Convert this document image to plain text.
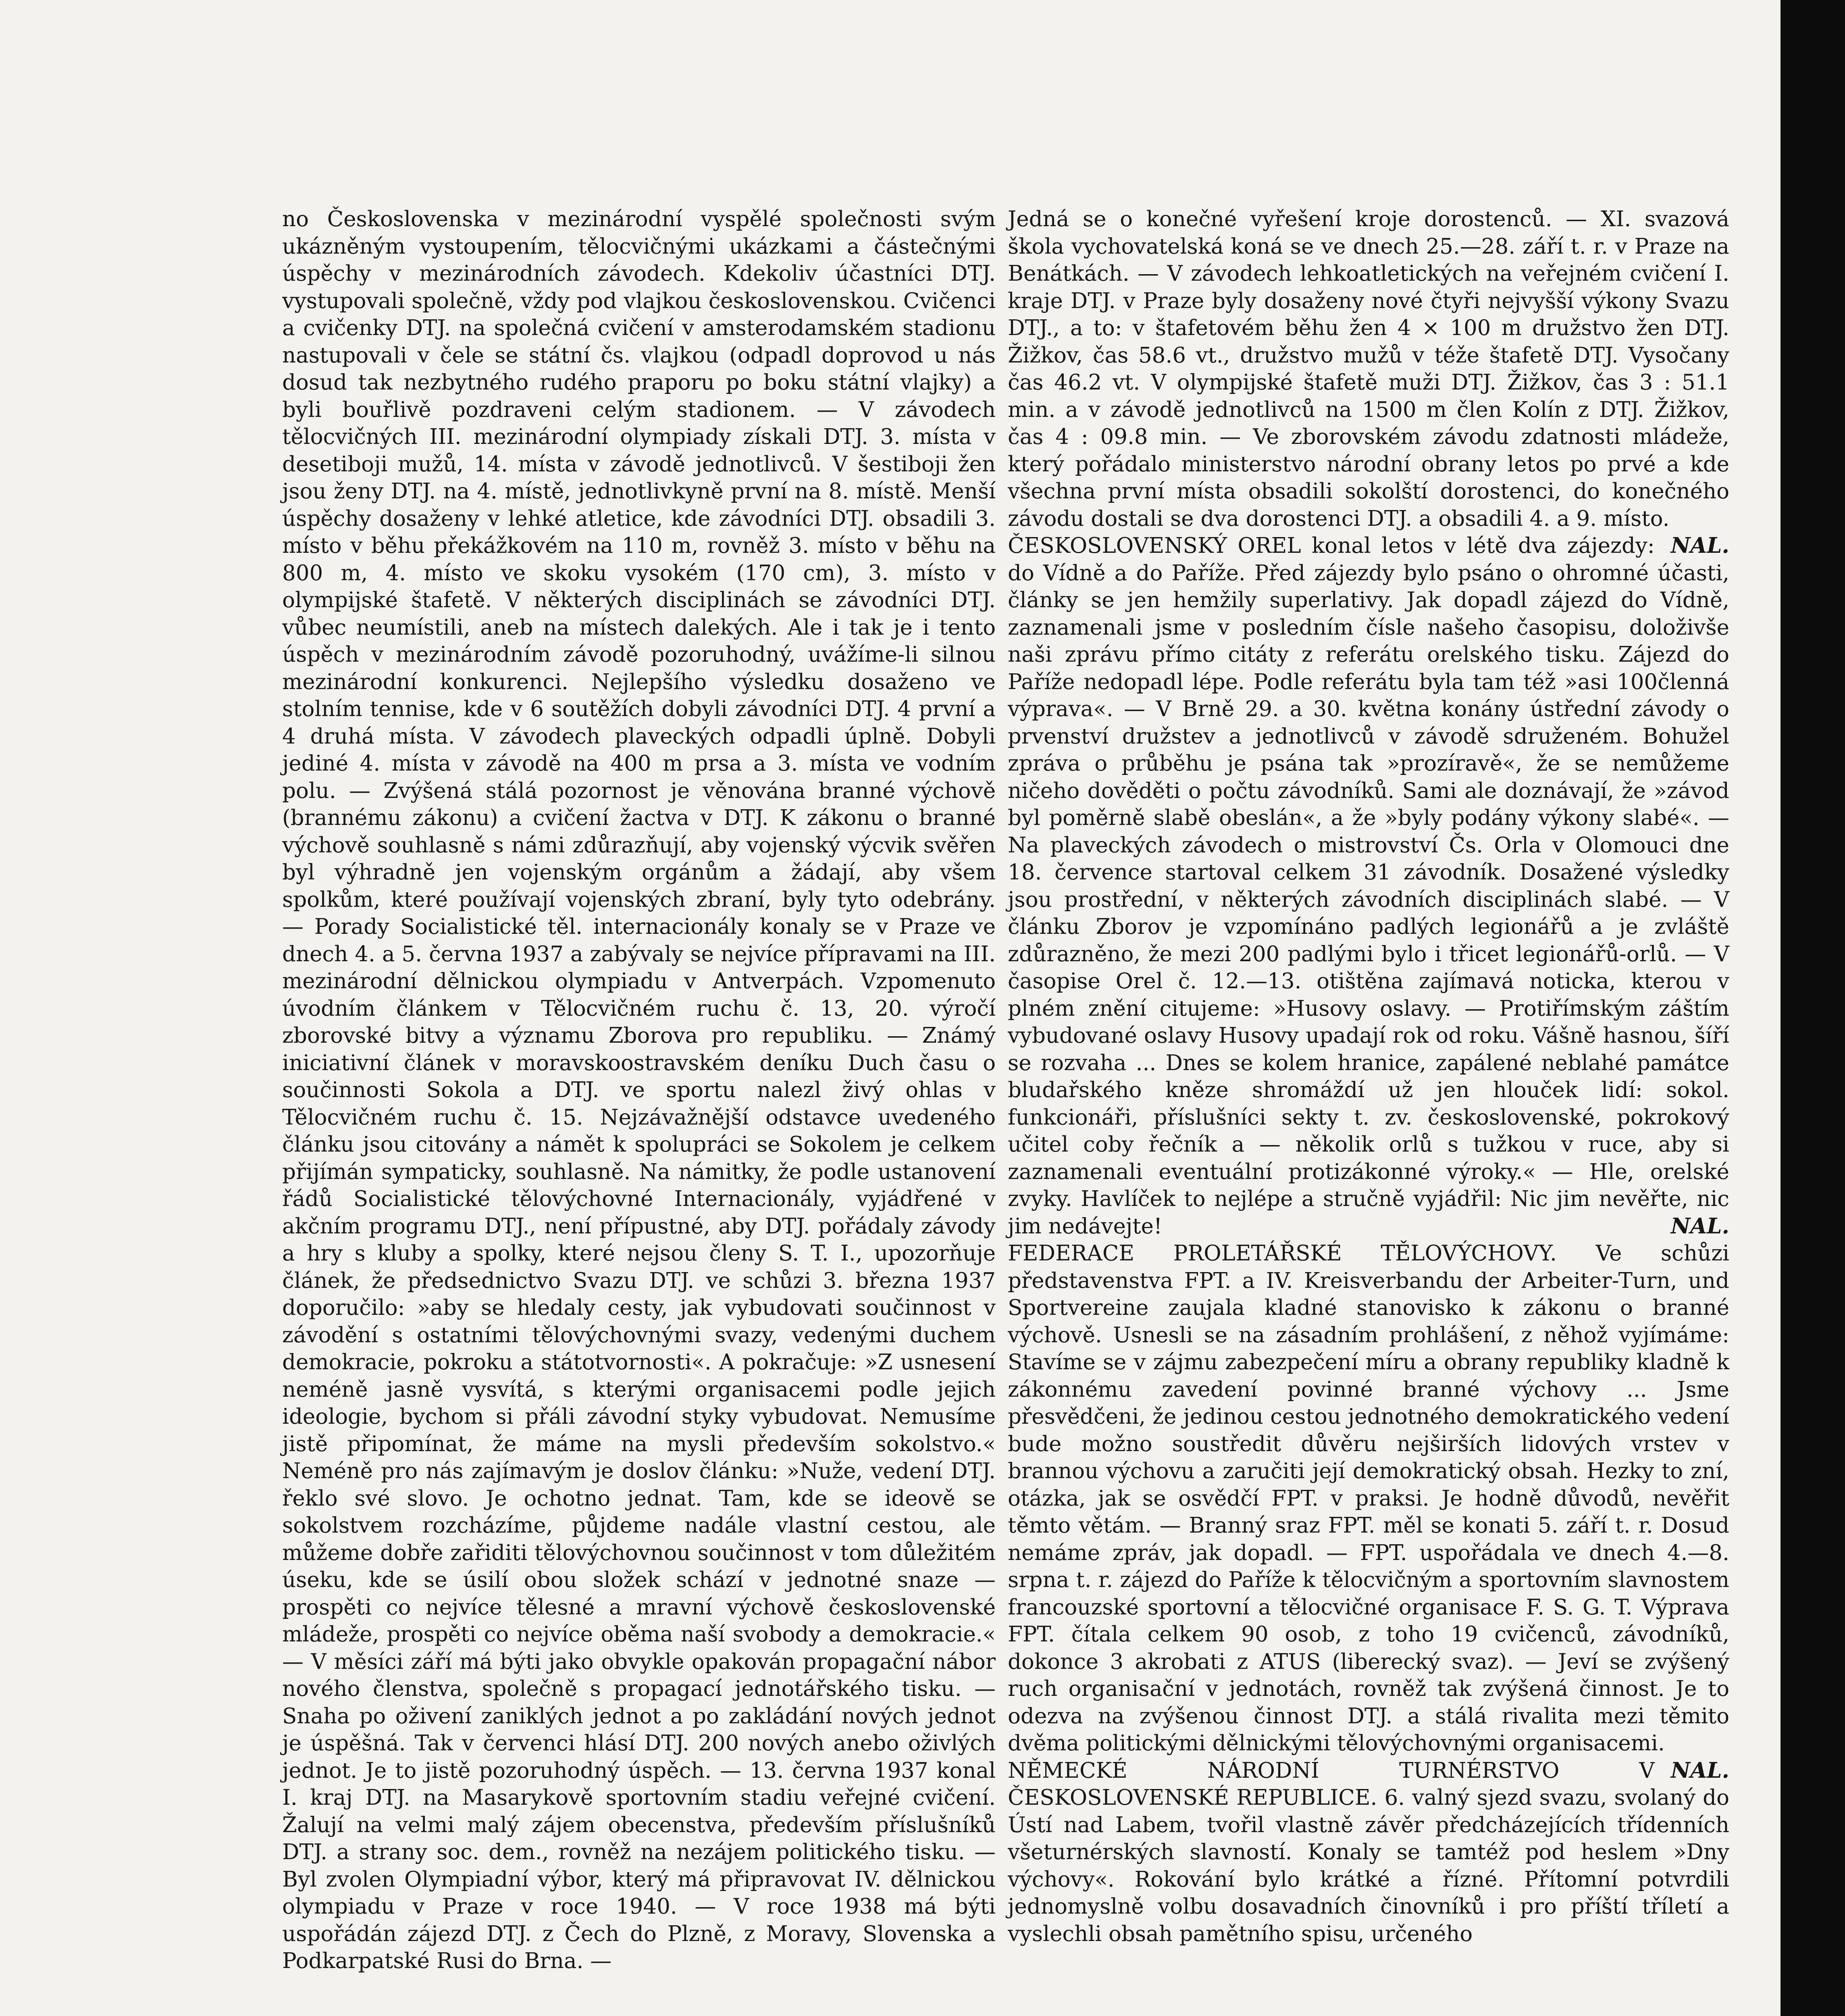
no Československa v mezinárodní vyspělé společnosti svým ukázněným vystoupením, tělocvičnými ukázkami a částečnými úspěchy v mezinárodních závodech. Kdekoliv účastníci DTJ. vystupovali společně, vždy pod vlajkou československou. Cvičenci a cvičenky DTJ. na společná cvičení v amsterodamském stadionu nastupovali v čele se státní čs. vlajkou (odpadl doprovod u nás dosud tak nezbytného rudého praporu po boku státní vlajky) a byli bouřlivě pozdraveni celým stadionem. — V závodech tělocvičných III. mezinárodní olympiady získali DTJ. 3. místa v desetiboji mužů, 14. místa v závodě jednotlivců. V šestiboji žen jsou ženy DTJ. na 4. místě, jednotlivkyně první na 8. místě. Menší úspěchy dosaženy v lehké atletice, kde závodníci DTJ. obsadili 3. místo v běhu překážkovém na 110 m, rovněž 3. místo v běhu na 800 m, 4. místo ve skoku vysokém (170 cm), 3. místo v olympijské štafetě. V některých disciplinách se závodníci DTJ. vůbec neumístili, aneb na místech dalekých. Ale i tak je i tento úspěch v mezinárodním závodě pozoruhodný, uvážíme-li silnou mezinárodní konkurenci. Nejlepšího výsledku dosaženo ve stolním tennise, kde v 6 soutěžích dobyli závodníci DTJ. 4 první a 4 druhá místa. V závodech plaveckých odpadli úplně. Dobyli jediné 4. místa v závodě na 400 m prsa a 3. místa ve vodním polu. — Zvýšená stálá pozornost je věnována branné výchově (brannému zákonu) a cvičení žactva v DTJ. K zákonu o branné výchově souhlasně s námi zdůrazňují, aby vojenský výcvik svěřen byl výhradně jen vojenským orgánům a žádají, aby všem spolkům, které používají vojenských zbraní, byly tyto odebrány. — Porady Socialistické těl. internacionály konaly se v Praze ve dnech 4. a 5. června 1937 a zabývaly se nejvíce přípravami na III. mezinárodní dělnickou olympiadu v Antverpách. Vzpomenuto úvodním článkem v Tělocvičném ruchu č. 13, 20. výročí zborovské bitvy a významu Zborova pro republiku. — Známý iniciativní článek v moravskoostravském deníku Duch času o součinnosti Sokola a DTJ. ve sportu nalezl živý ohlas v Tělocvičném ruchu č. 15. Nejzávažnější odstavce uvedeného článku jsou citovány a námět k spolupráci se Sokolem je celkem přijímán sympaticky, souhlasně. Na námitky, že podle ustanovení řádů Socialistické tělovýchovné Internacionály, vyjádřené v akčním programu DTJ., není přípustné, aby DTJ. pořádaly závody a hry s kluby a spolky, které nejsou členy S. T. I., upozorňuje článek, že předsednictvo Svazu DTJ. ve schůzi 3. března 1937 doporučilo: »aby se hledaly cesty, jak vybudovati součinnost v závodění s ostatními tělovýchovnými svazy, vedenými duchem demokracie, pokroku a státotvornosti«. A pokračuje: »Z usnesení neméně jasně vysvítá, s kterými organisacemi podle jejich ideologie, bychom si přáli závodní styky vybudovat. Nemusíme jistě připomínat, že máme na mysli především sokolstvo.« Neméně pro nás zajímavým je doslov článku: »Nuže, vedení DTJ. řeklo své slovo. Je ochotno jednat. Tam, kde se ideově se sokolstvem rozcházíme, půjdeme nadále vlastní cestou, ale můžeme dobře zařiditi tělovýchovnou součinnost v tom důležitém úseku, kde se úsilí obou složek schází v jednotné snaze — prospěti co nejvíce tělesné a mravní výchově československé mládeže, prospěti co nejvíce oběma naší svobody a demokracie.« — V měsíci září má býti jako obvykle opakován propagační nábor nového členstva, společně s propagací jednotářského tisku. — Snaha po oživení zaniklých jednot a po zakládání nových jednot je úspěšná. Tak v červenci hlásí DTJ. 200 nových anebo oživlých jednot. Je to jistě pozoruhodný úspěch. — 13. června 1937 konal I. kraj DTJ. na Masarykově sportovním stadiu veřejné cvičení. Žalují na velmi malý zájem obecenstva, především příslušníků DTJ. a strany soc. dem., rovněž na nezájem politického tisku. — Byl zvolen Olympiadní výbor, který má připravovat IV. dělnickou olympiadu v Praze v roce 1940. — V roce 1938 má býti uspořádán zájezd DTJ. z Čech do Plzně, z Moravy, Slovenska a Podkarpatské Rusi do Brna. —

Jedná se o konečné vyřešení kroje dorostenců. — XI. svazová škola vychovatelská koná se ve dnech 25.—28. září t. r. v Praze na Benátkách. — V závodech lehkoatletických na veřejném cvičení I. kraje DTJ. v Praze byly dosaženy nové čtyři nejvyšší výkony Svazu DTJ., a to: v štafetovém běhu žen 4 × 100 m družstvo žen DTJ. Žižkov, čas 58.6 vt., družstvo mužů v téže štafetě DTJ. Vysočany čas 46.2 vt. V olympijské štafetě muži DTJ. Žižkov, čas 3 : 51.1 min. a v závodě jednotlivců na 1500 m člen Kolín z DTJ. Žižkov, čas 4 : 09.8 min. — Ve zborovském závodu zdatnosti mládeže, který pořádalo ministerstvo národní obrany letos po prvé a kde všechna první místa obsadili sokolští dorostenci, do konečného závodu dostali se dva dorostenci DTJ. a obsadili 4. a 9. místo.
NAL.

ČESKOSLOVENSKÝ OREL konal letos v létě dva zájezdy: do Vídně a do Paříže. Před zájezdy bylo psáno o ohromné účasti, články se jen hemžily superlativy. Jak dopadl zájezd do Vídně, zaznamenali jsme v posledním čísle našeho časopisu, doloživše naši zprávu přímo citáty z referátu orelského tisku. Zájezd do Paříže nedopadl lépe. Podle referátu byla tam též »asi 100členná výprava«. — V Brně 29. a 30. května konány ústřední závody o prvenství družstev a jednotlivců v závodě sdruženém. Bohužel zpráva o průběhu je psána tak »prozíravě«, že se nemůžeme ničeho dověděti o počtu závodníků. Sami ale doznávají, že »závod byl poměrně slabě obeslán«, a že »byly podány výkony slabé«. — Na plaveckých závodech o mistrovství Čs. Orla v Olomouci dne 18. července startoval celkem 31 závodník. Dosažené výsledky jsou prostřední, v některých závodních disciplinách slabé. — V článku Zborov je vzpomínáno padlých legionářů a je zvláště zdůrazněno, že mezi 200 padlými bylo i třicet legionářů-orlů. — V časopise Orel č. 12.—13. otištěna zajímavá noticka, kterou v plném znění citujeme: »Husovy oslavy. — Protiřímským záštím vybudované oslavy Husovy upadají rok od roku. Vášně hasnou, šíří se rozvaha ... Dnes se kolem hranice, zapálené neblahé památce bludařského kněze shromáždí už jen hlouček lidí: sokol. funkcionáři, příslušníci sekty t. zv. československé, pokrokový učitel coby řečník a — několik orlů s tužkou v ruce, aby si zaznamenali eventuální protizákonné výroky.« — Hle, orelské zvyky. Havlíček to nejlépe a stručně vyjádřil: Nic jim nevěřte, nic jim nedávejte!	NAL.

FEDERACE PROLETÁŘSKÉ TĚLOVÝCHOVY. Ve schůzi představenstva FPT. a IV. Kreisverbandu der Arbeiter-Turn, und Sportvereine zaujala kladné stanovisko k zákonu o branné výchově. Usnesli se na zásadním prohlášení, z něhož vyjímáme: Stavíme se v zájmu zabezpečení míru a obrany republiky kladně k zákonnému zavedení povinné branné výchovy ... Jsme přesvědčeni, že jedinou cestou jednotného demokratického vedení bude možno soustředit důvěru nejširších lidových vrstev v brannou výchovu a zaručiti její demokratický obsah. Hezky to zní, otázka, jak se osvědčí FPT. v praksi. Je hodně důvodů, nevěřit těmto větám. — Branný sraz FPT. měl se konati 5. září t. r. Dosud nemáme zpráv, jak dopadl. — FPT. uspořádala ve dnech 4.—8. srpna t. r. zájezd do Paříže k tělocvičným a sportovním slavnostem francouzské sportovní a tělocvičné organisace F. S. G. T. Výprava FPT. čítala celkem 90 osob, z toho 19 cvičenců, závodníků, dokonce 3 akrobati z ATUS (liberecký svaz). — Jeví se zvýšený ruch organisační v jednotách, rovněž tak zvýšená činnost. Je to odezva na zvýšenou činnost DTJ. a stálá rivalita mezi těmito dvěma politickými dělnickými tělovýchovnými organisacemi.
NAL.

NĚMECKÉ NÁRODNÍ TURNÉRSTVO V ČESKOSLOVENSKÉ REPUBLICE. 6. valný sjezd svazu, svolaný do Ústí nad Labem, tvořil vlastně závěr předcházejících třídenních všeturnérských slavností. Konaly se tamtéž pod heslem »Dny výchovy«. Rokování bylo krátké a řízné. Přítomní potvrdili jednomyslně volbu dosavadních činovníků i pro příští tříletí a vyslechli obsah pamětního spisu, určeného
